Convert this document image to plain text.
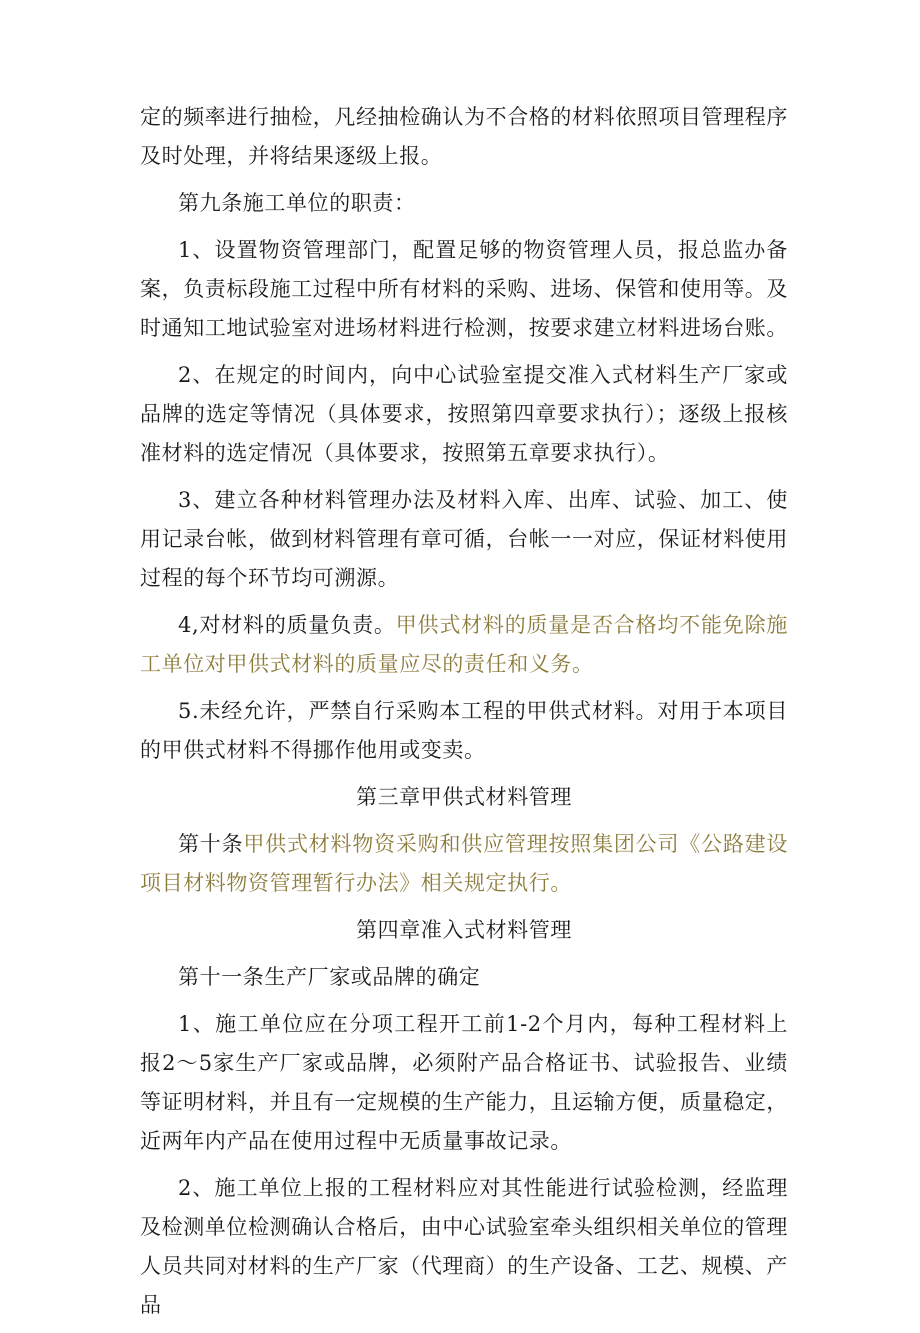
定的频率进行抽检，凡经抽检确认为不合格的材料依照项目管理程序及时处理，并将结果逐级上报。

第九条施工单位的职责：

1、设置物资管理部门，配置足够的物资管理人员，报总监办备案，负责标段施工过程中所有材料的采购、进场、保管和使用等。及时通知工地试验室对进场材料进行检测，按要求建立材料进场台账。

2、在规定的时间内，向中心试验室提交准入式材料生产厂家或品牌的选定等情况（具体要求，按照第四章要求执行）；逐级上报核准材料的选定情况（具体要求，按照第五章要求执行）。

3、建立各种材料管理办法及材料入库、出库、试验、加工、使用记录台帐，做到材料管理有章可循，台帐一一对应，保证材料使用过程的每个环节均可溯源。

4,对材料的质量负责。甲供式材料的质量是否合格均不能免除施工单位对甲供式材料的质量应尽的责任和义务。

5.未经允许，严禁自行采购本工程的甲供式材料。对用于本项目的甲供式材料不得挪作他用或变卖。

第三章甲供式材料管理

第十条甲供式材料物资采购和供应管理按照集团公司《公路建设项目材料物资管理暂行办法》相关规定执行。

第四章准入式材料管理

第十一条生产厂家或品牌的确定

1、施工单位应在分项工程开工前1-2个月内，每种工程材料上报2～5家生产厂家或品牌，必须附产品合格证书、试验报告、业绩等证明材料，并且有一定规模的生产能力，且运输方便，质量稳定，近两年内产品在使用过程中无质量事故记录。

2、施工单位上报的工程材料应对其性能进行试验检测，经监理及检测单位检测确认合格后，由中心试验室牵头组织相关单位的管理人员共同对材料的生产厂家（代理商）的生产设备、工艺、规模、产品
